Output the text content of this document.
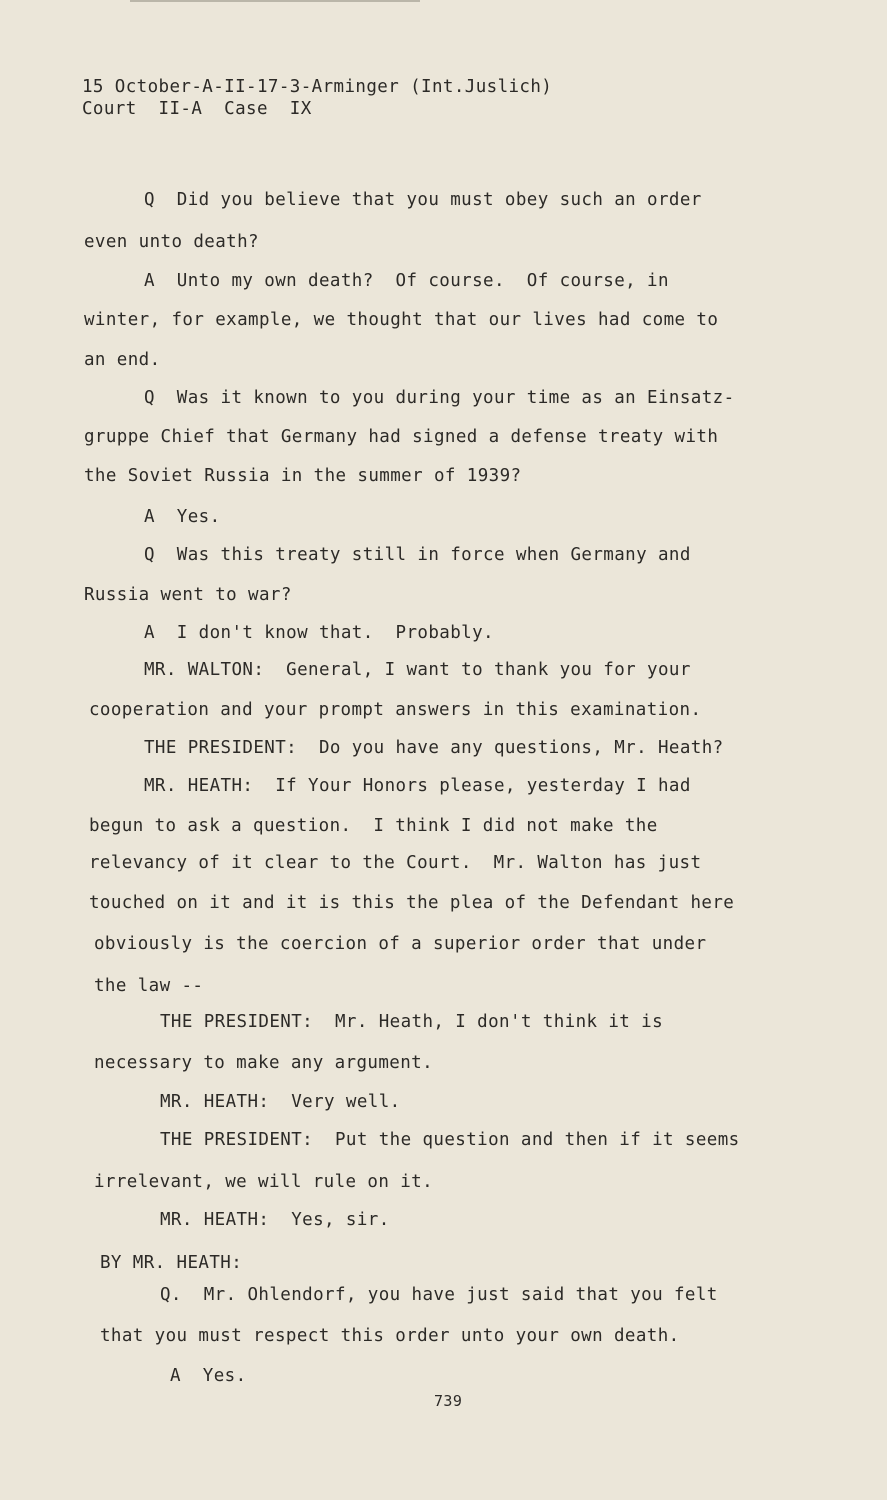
15 October-A-II-17-3-Arminger (Int.Juslich)
Court  II-A  Case  IX
Q  Did you believe that you must obey such an order
even unto death?
A  Unto my own death?  Of course.  Of course, in
winter, for example, we thought that our lives had come to
an end.
Q  Was it known to you during your time as an Einsatz-
gruppe Chief that Germany had signed a defense treaty with
the Soviet Russia in the summer of 1939?
A  Yes.
Q  Was this treaty still in force when Germany and
Russia went to war?
A  I don't know that.  Probably.
MR. WALTON:  General, I want to thank you for your
cooperation and your prompt answers in this examination.
THE PRESIDENT:  Do you have any questions, Mr. Heath?
MR. HEATH:  If Your Honors please, yesterday I had
begun to ask a question.  I think I did not make the
relevancy of it clear to the Court.  Mr. Walton has just
touched on it and it is this the plea of the Defendant here
obviously is the coercion of a superior order that under
the law --
THE PRESIDENT:  Mr. Heath, I don't think it is
necessary to make any argument.
MR. HEATH:  Very well.
THE PRESIDENT:  Put the question and then if it seems
irrelevant, we will rule on it.
MR. HEATH:  Yes, sir.
BY MR. HEATH:
Q.  Mr. Ohlendorf, you have just said that you felt
that you must respect this order unto your own death.
A  Yes.
739
